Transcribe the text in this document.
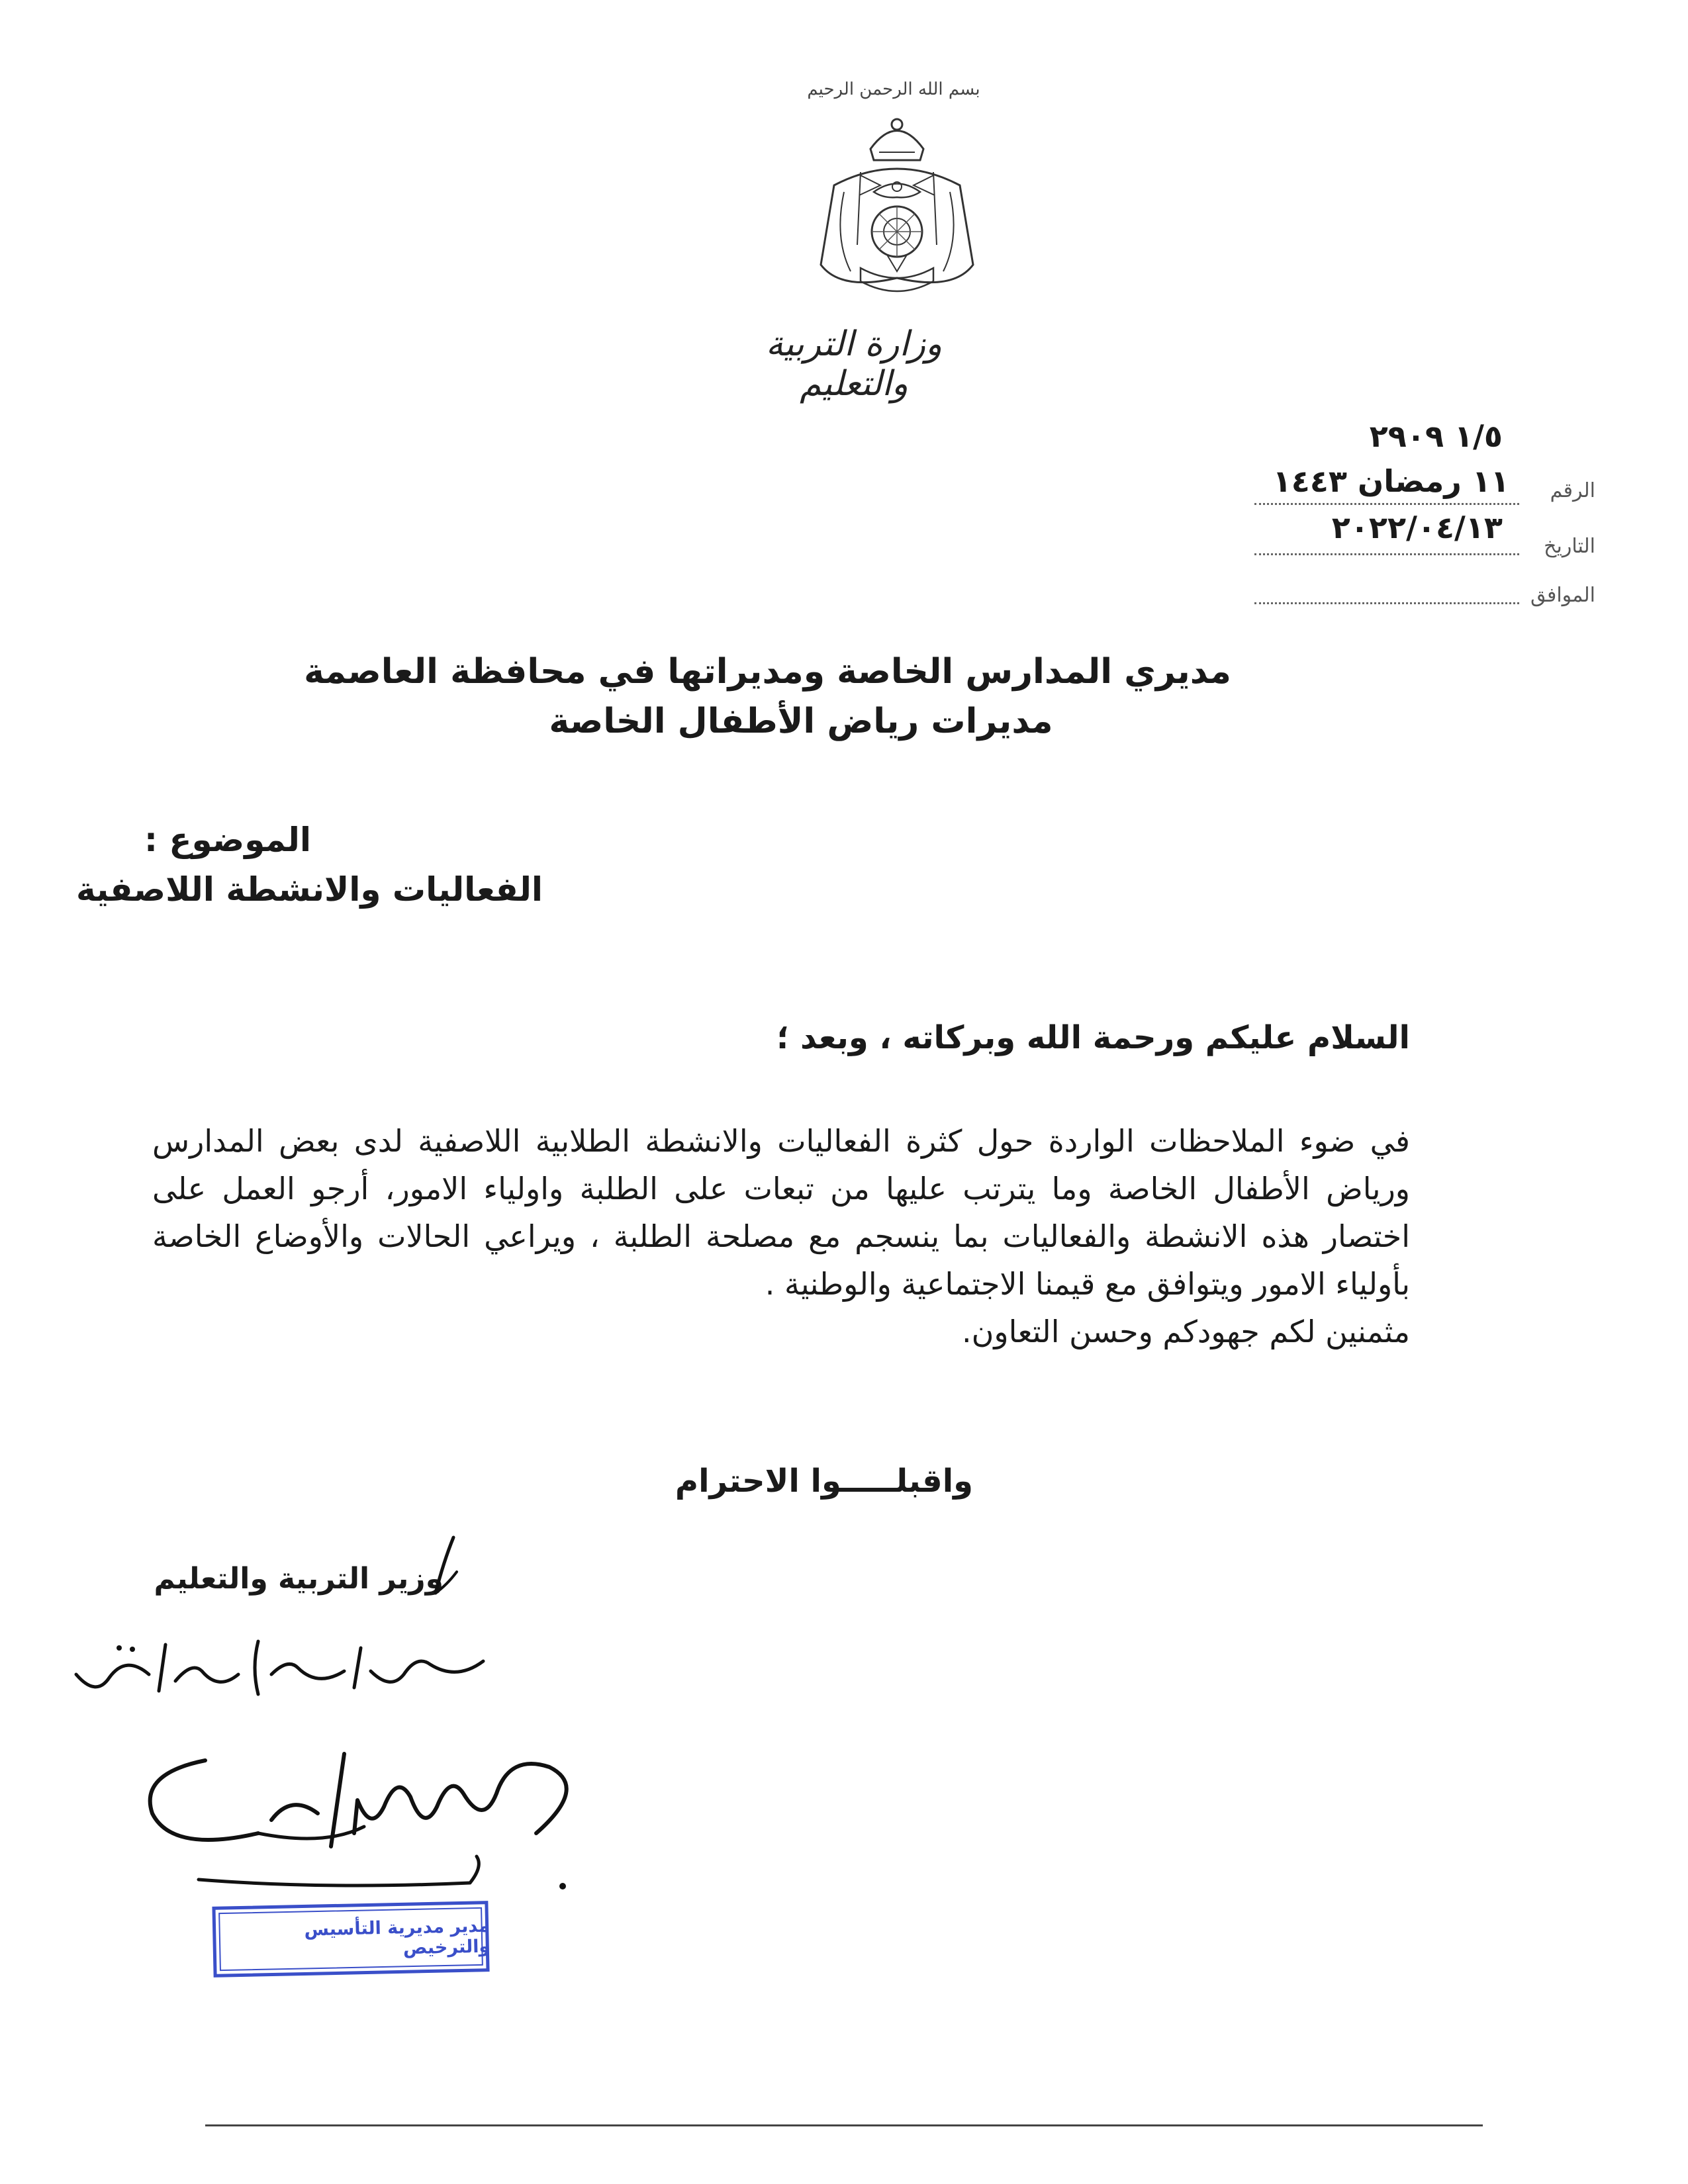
بسم الله الرحمن الرحيم
وزارة التربية والتعليم
١/٥ ٢٩٠٩
١١ رمضان ١٤٤٣
٢٠٢٢/٠٤/١٣
الرقم
التاريخ
الموافق
مديري المدارس الخاصة ومديراتها في محافظة العاصمة
مديرات رياض الأطفال الخاصة
الموضوع :
الفعاليات والانشطة اللاصفية
السلام عليكم ورحمة الله وبركاته ، وبعد ؛

في ضوء الملاحظات الواردة حول كثرة الفعاليات والانشطة الطلابية اللاصفية لدى بعض المدارس ورياض الأطفال الخاصة وما يترتب عليها من تبعات على الطلبة واولياء الامور، أرجو العمل على اختصار هذه الانشطة والفعاليات بما ينسجم مع مصلحة الطلبة ، ويراعي الحالات والأوضاع الخاصة بأولياء الامور ويتوافق مع قيمنا الاجتماعية والوطنية .

مثمنين لكم جهودكم وحسن التعاون.

واقبلـــــوا الاحترام
وزير التربية والتعليم
مدير مديرية التأسيس والترخيص
